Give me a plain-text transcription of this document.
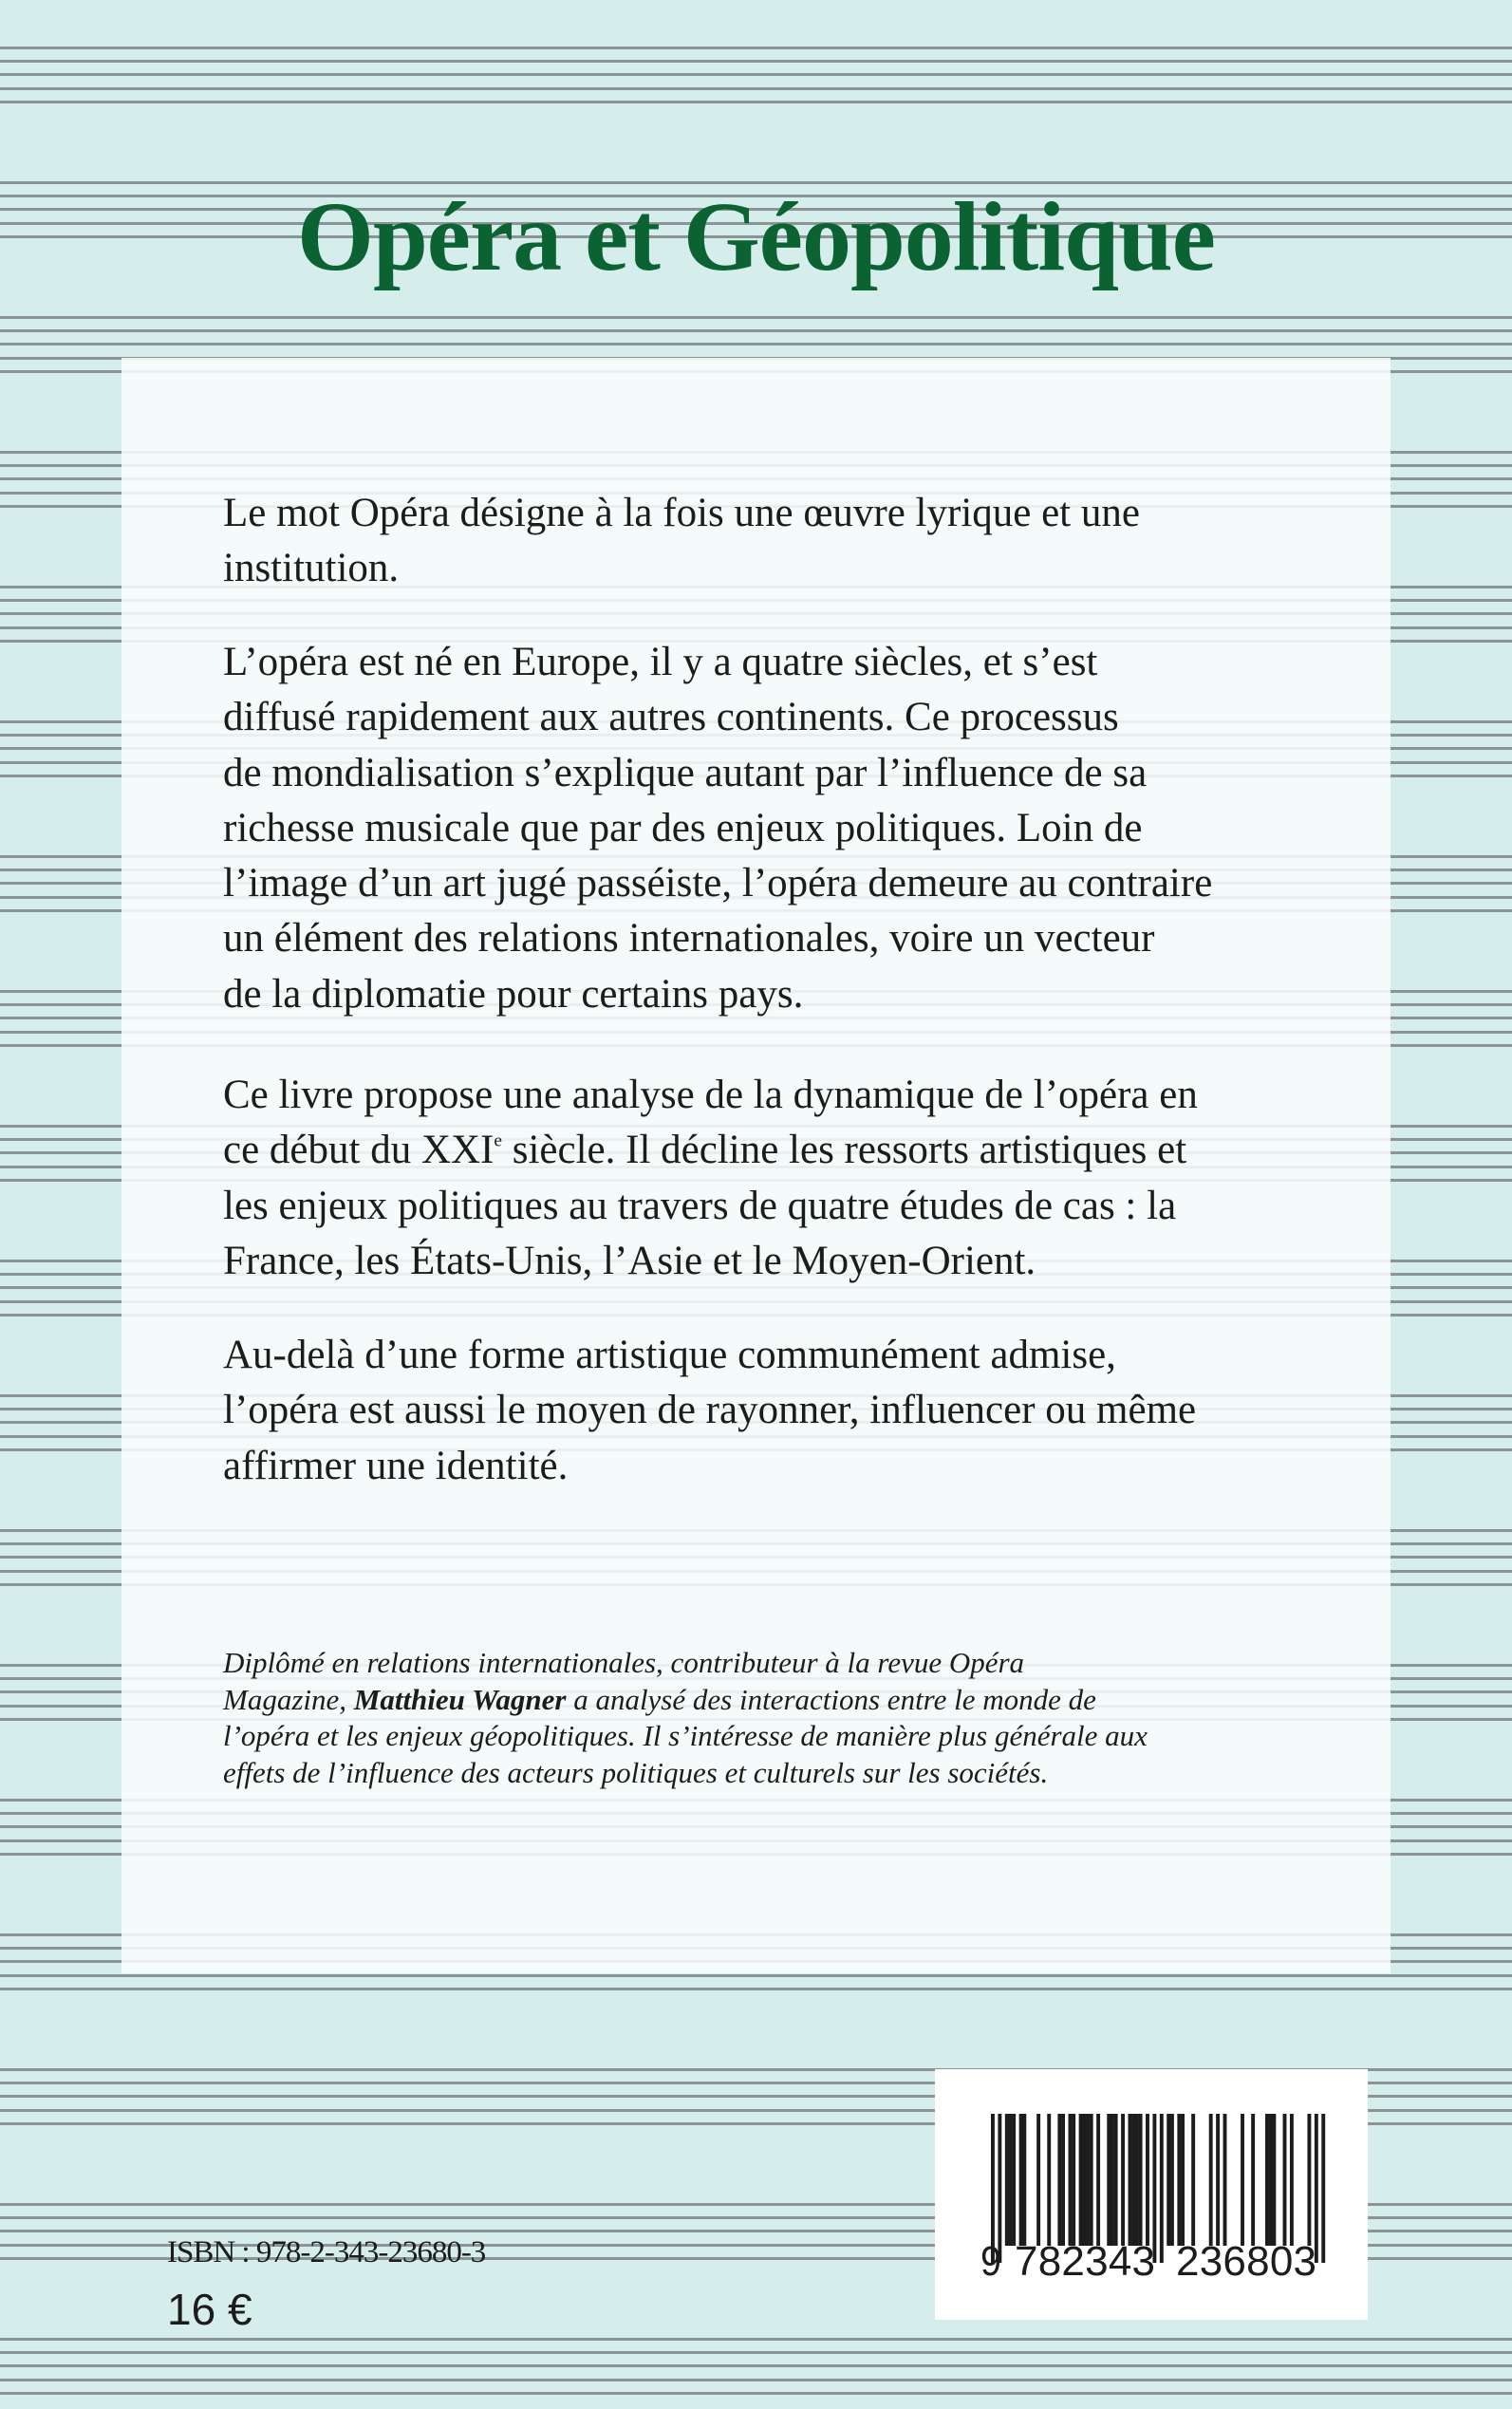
Opéra et Géopolitique
Le mot Opéra désigne à la fois une œuvre lyrique et une
institution.
L’opéra est né en Europe, il y a quatre siècles, et s’est
diffusé rapidement aux autres continents. Ce processus
de mondialisation s’explique autant par l’influence de sa
richesse musicale que par des enjeux politiques. Loin de
l’image d’un art jugé passéiste, l’opéra demeure au contraire
un élément des relations internationales, voire un vecteur
de la diplomatie pour certains pays.
Ce livre propose une analyse de la dynamique de l’opéra en
ce début du XXIe siècle. Il décline les ressorts artistiques et
les enjeux politiques au travers de quatre études de cas : la
France, les États-Unis, l’Asie et le Moyen-Orient.
Au-delà d’une forme artistique communément admise,
l’opéra est aussi le moyen de rayonner, influencer ou même
affirmer une identité.
Diplômé en relations internationales, contributeur à la revue Opéra
Magazine, Matthieu Wagner a analysé des interactions entre le monde de
l’opéra et les enjeux géopolitiques. Il s’intéresse de manière plus générale aux
effets de l’influence des acteurs politiques et culturels sur les sociétés.
ISBN : 978-2-343-23680-3
16 €
9 782343 236803
